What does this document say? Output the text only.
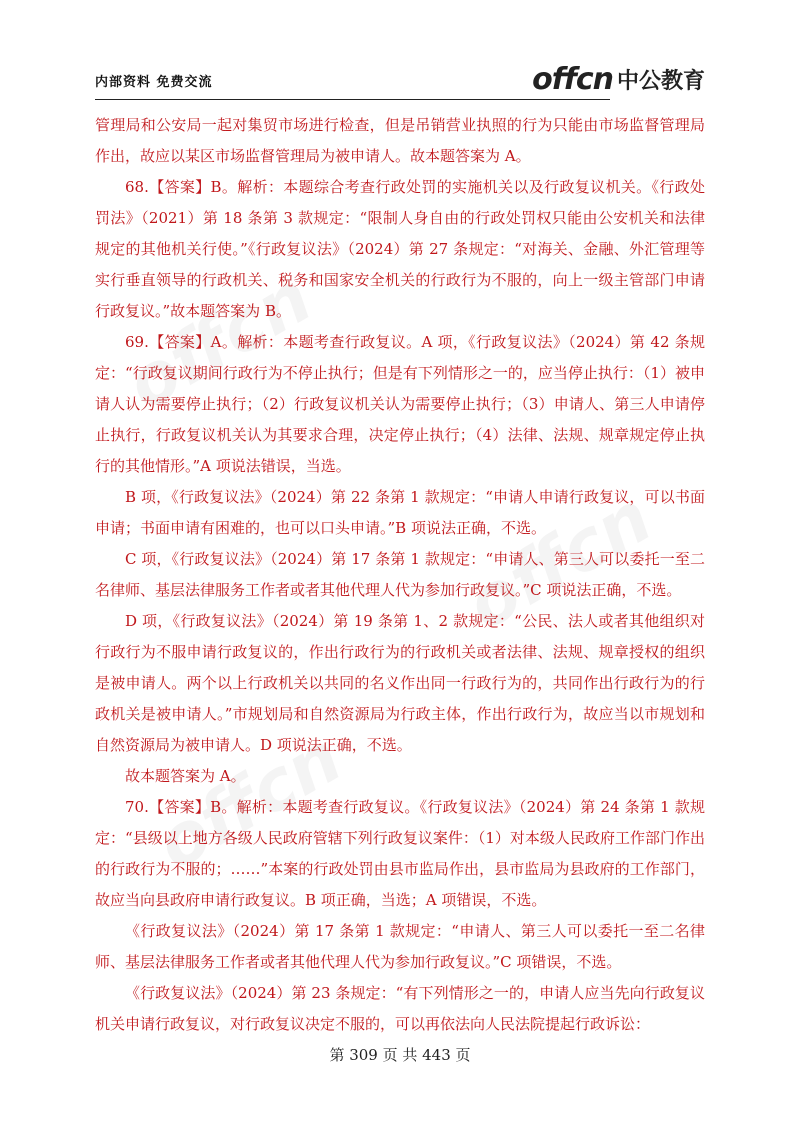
内部资料 免费交流	offcn 中公教育

管理局和公安局一起对集贸市场进行检查，但是吊销营业执照的行为只能由市场监督管理局作出，故应以某区市场监督管理局为被申请人。故本题答案为 A。

68.【答案】B。解析：本题综合考查行政处罚的实施机关以及行政复议机关。《行政处罚法》（2021）第 18 条第 3 款规定：“限制人身自由的行政处罚权只能由公安机关和法律规定的其他机关行使。”《行政复议法》（2024）第 27 条规定：“对海关、金融、外汇管理等实行垂直领导的行政机关、税务和国家安全机关的行政行为不服的，向上一级主管部门申请行政复议。”故本题答案为 B。

69.【答案】A。解析：本题考查行政复议。A 项，《行政复议法》（2024）第 42 条规定：“行政复议期间行政行为不停止执行；但是有下列情形之一的，应当停止执行：（1）被申请人认为需要停止执行；（2）行政复议机关认为需要停止执行；（3）申请人、第三人申请停止执行，行政复议机关认为其要求合理，决定停止执行；（4）法律、法规、规章规定停止执行的其他情形。”A 项说法错误，当选。

B 项，《行政复议法》（2024）第 22 条第 1 款规定：“申请人申请行政复议，可以书面申请；书面申请有困难的，也可以口头申请。”B 项说法正确，不选。

C 项，《行政复议法》（2024）第 17 条第 1 款规定：“申请人、第三人可以委托一至二名律师、基层法律服务工作者或者其他代理人代为参加行政复议。”C 项说法正确，不选。

D 项，《行政复议法》（2024）第 19 条第 1、2 款规定：“公民、法人或者其他组织对行政行为不服申请行政复议的，作出行政行为的行政机关或者法律、法规、规章授权的组织是被申请人。两个以上行政机关以共同的名义作出同一行政行为的，共同作出行政行为的行政机关是被申请人。”市规划局和自然资源局为行政主体，作出行政行为，故应当以市规划和自然资源局为被申请人。D 项说法正确，不选。

故本题答案为 A。

70.【答案】B。解析：本题考查行政复议。《行政复议法》（2024）第 24 条第 1 款规定：“县级以上地方各级人民政府管辖下列行政复议案件：（1）对本级人民政府工作部门作出的行政行为不服的；……”本案的行政处罚由县市监局作出，县市监局为县政府的工作部门，故应当向县政府申请行政复议。B 项正确，当选；A 项错误，不选。

《行政复议法》（2024）第 17 条第 1 款规定：“申请人、第三人可以委托一至二名律师、基层法律服务工作者或者其他代理人代为参加行政复议。”C 项错误，不选。

《行政复议法》（2024）第 23 条规定：“有下列情形之一的，申请人应当先向行政复议机关申请行政复议，对行政复议决定不服的，可以再依法向人民法院提起行政诉讼：

第 309 页 共 443 页
